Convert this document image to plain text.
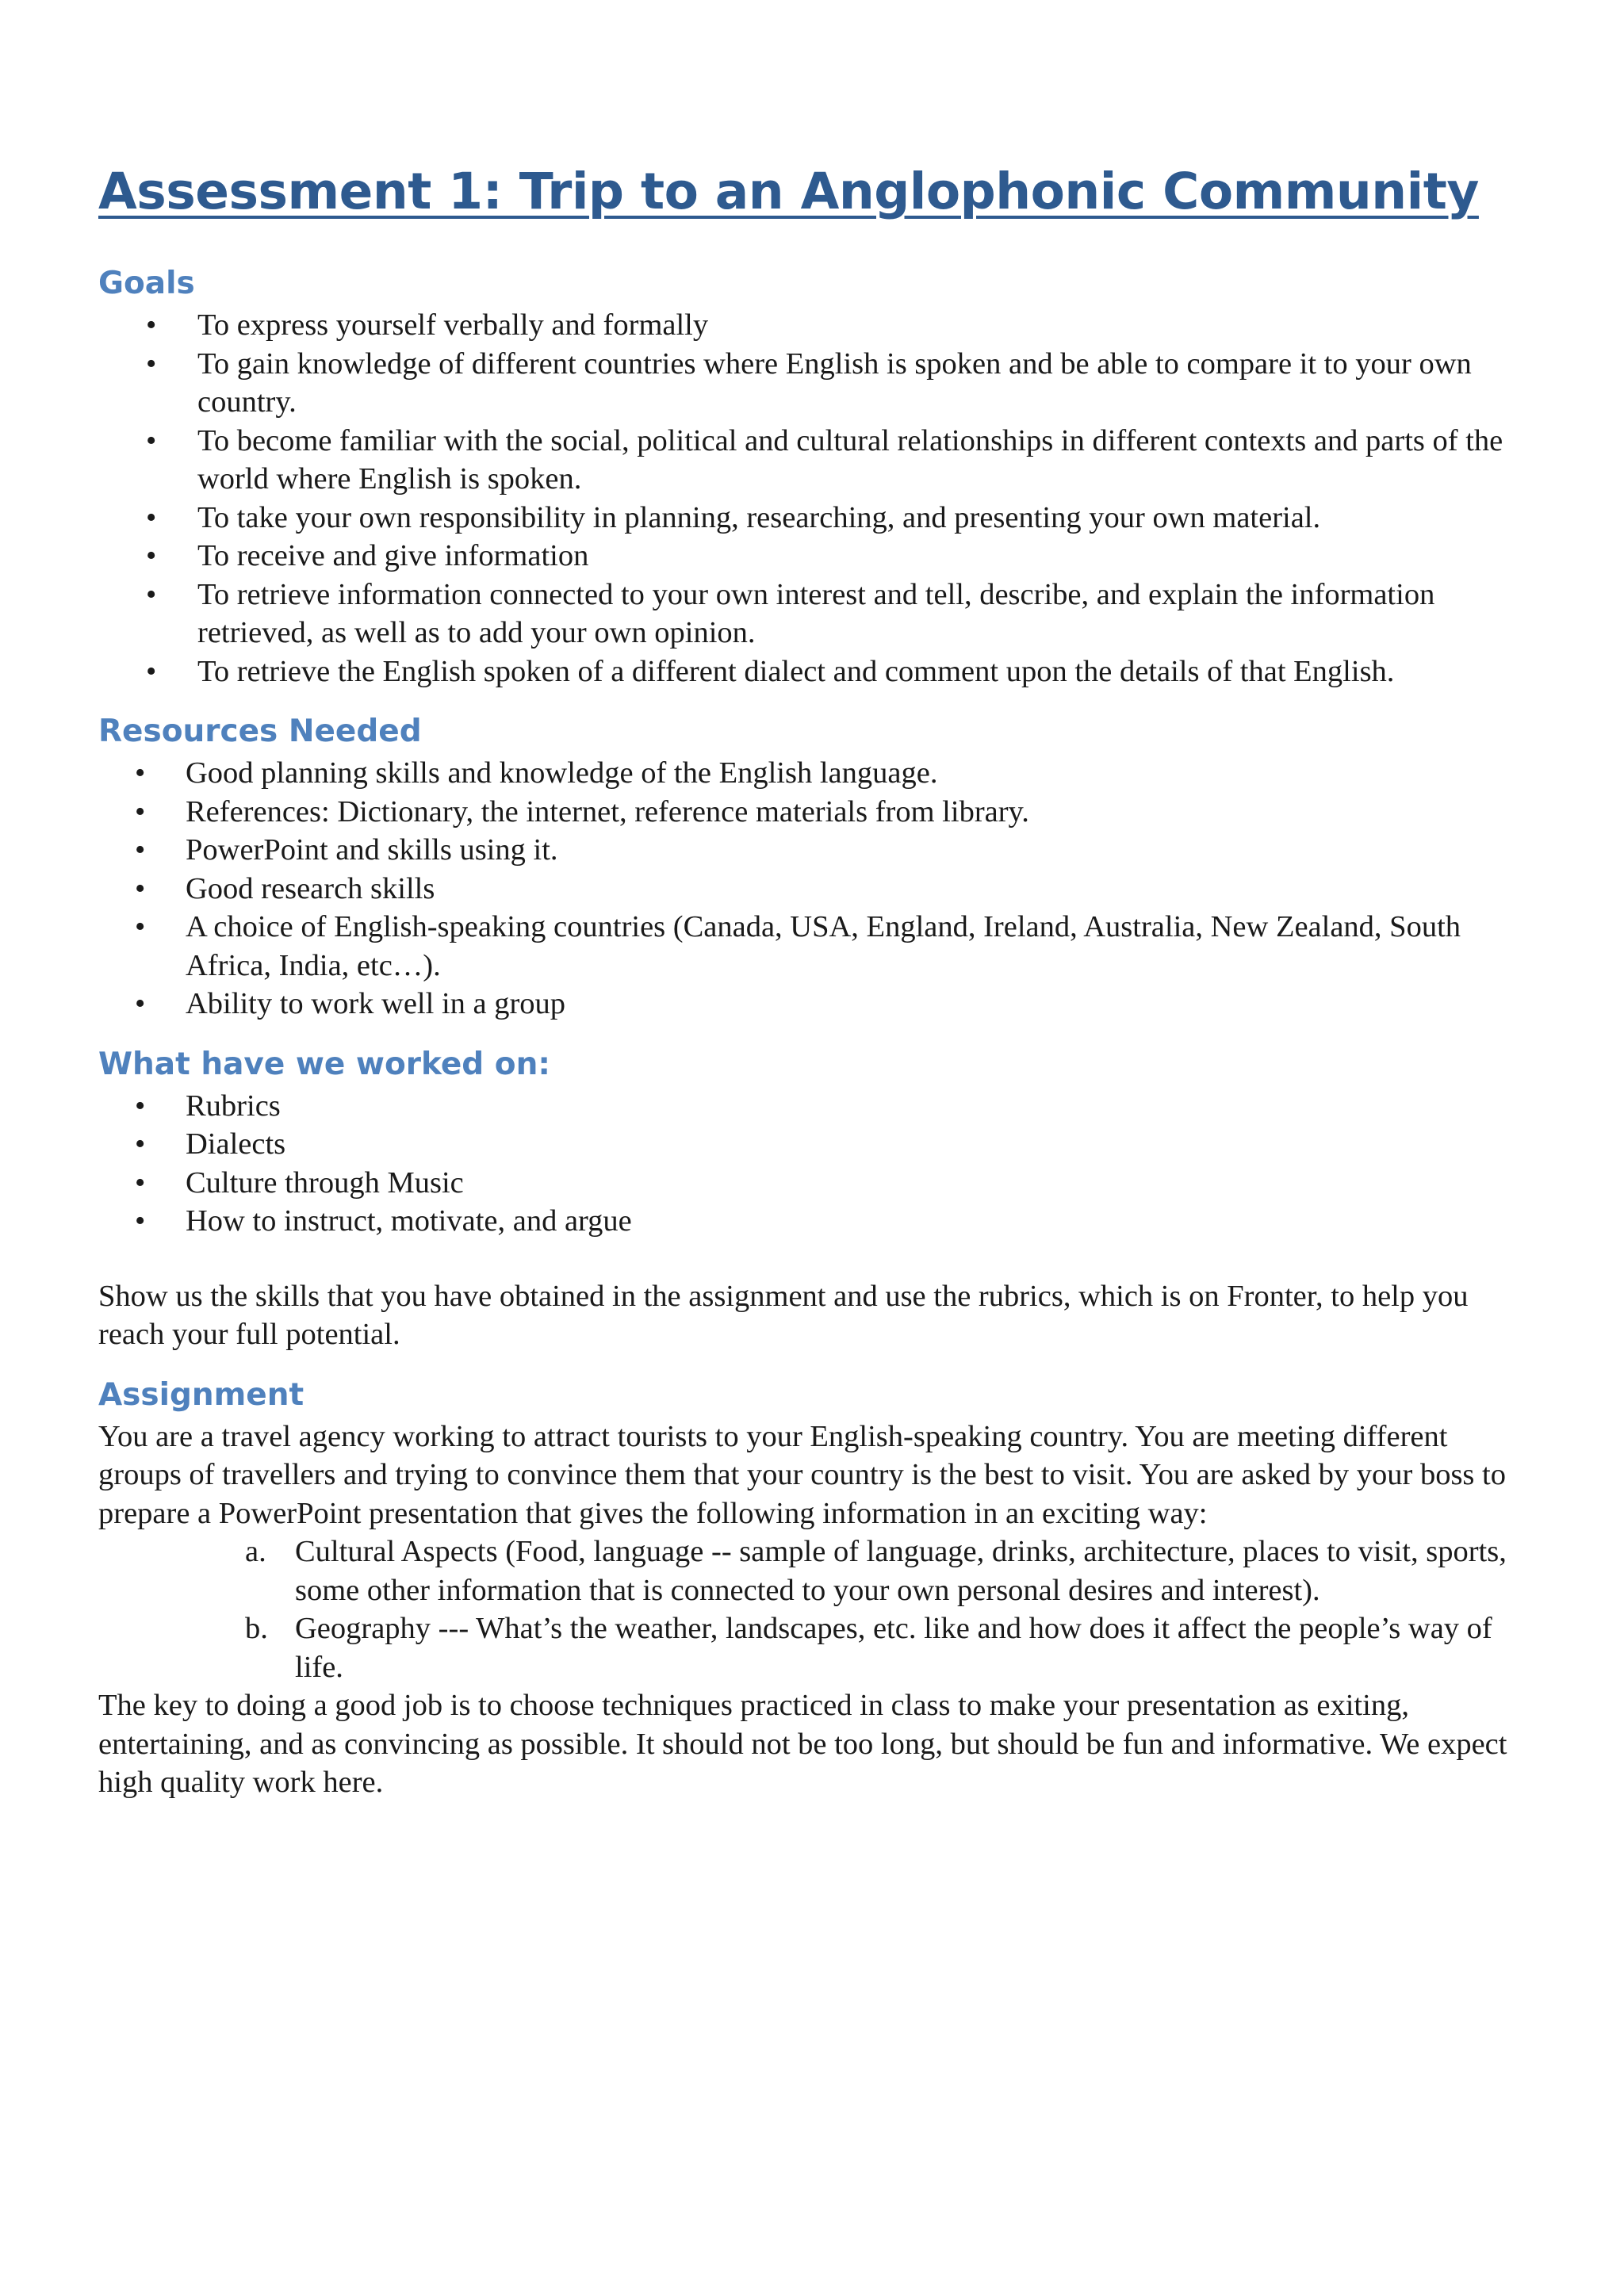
Assessment 1: Trip to an Anglophonic Community
Goals
• To express yourself verbally and formally
• To gain knowledge of different countries where English is spoken and be able to compare it to your own country.
• To become familiar with the social, political and cultural relationships in different contexts and parts of the world where English is spoken.
• To take your own responsibility in planning, researching, and presenting your own material.
• To receive and give information
• To retrieve information connected to your own interest and tell, describe, and explain the information retrieved, as well as to add your own opinion.
• To retrieve the English spoken of a different dialect and comment upon the details of that English.
Resources Needed
• Good planning skills and knowledge of the English language.
• References: Dictionary, the internet, reference materials from library.
• PowerPoint and skills using it.
• Good research skills
• A choice of English-speaking countries (Canada, USA, England, Ireland, Australia, New Zealand, South Africa, India, etc…).
• Ability to work well in a group
What have we worked on:
• Rubrics
• Dialects
• Culture through Music
• How to instruct, motivate, and argue

Show us the skills that you have obtained in the assignment and use the rubrics, which is on Fronter, to help you reach your full potential.

Assignment

You are a travel agency working to attract tourists to your English-speaking country. You are meeting different groups of travellers and trying to convince them that your country is the best to visit. You are asked by your boss to prepare a PowerPoint presentation that gives the following information in an exciting way:

a. Cultural Aspects (Food, language -- sample of language, drinks, architecture, places to visit, sports, some other information that is connected to your own personal desires and interest).
b. Geography --- What’s the weather, landscapes, etc. like and how does it affect the people’s way of life.

The key to doing a good job is to choose techniques practiced in class to make your presentation as exiting, entertaining, and as convincing as possible. It should not be too long, but should be fun and informative. We expect high quality work here.
